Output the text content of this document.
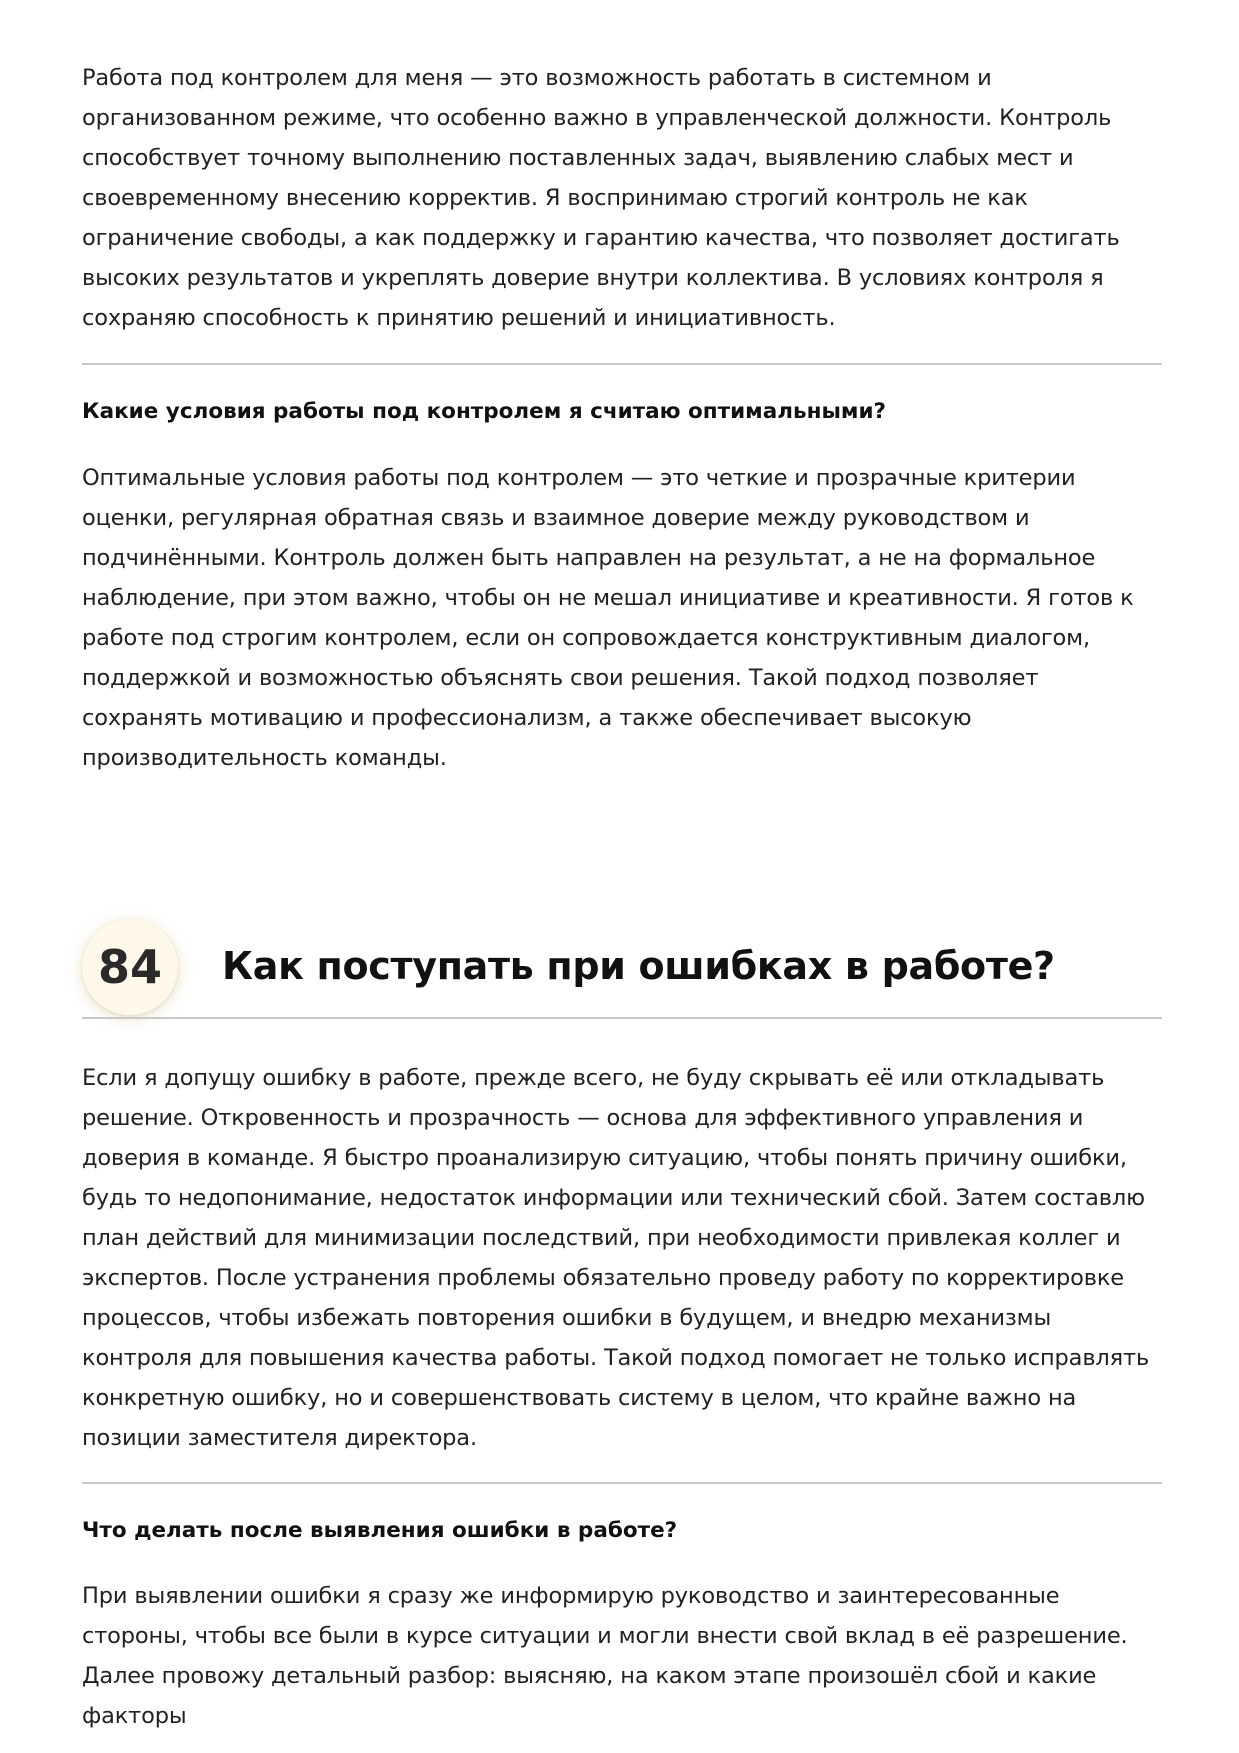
Работа под контролем для меня — это возможность работать в системном и организованном режиме, что особенно важно в управленческой должности. Контроль способствует точному выполнению поставленных задач, выявлению слабых мест и своевременному внесению корректив. Я воспринимаю строгий контроль не как ограничение свободы, а как поддержку и гарантию качества, что позволяет достигать высоких результатов и укреплять доверие внутри коллектива. В условиях контроля я сохраняю способность к принятию решений и инициативность.

Какие условия работы под контролем я считаю оптимальными?

Оптимальные условия работы под контролем — это четкие и прозрачные критерии оценки, регулярная обратная связь и взаимное доверие между руководством и подчинёнными. Контроль должен быть направлен на результат, а не на формальное наблюдение, при этом важно, чтобы он не мешал инициативе и креативности. Я готов к работе под строгим контролем, если он сопровождается конструктивным диалогом, поддержкой и возможностью объяснять свои решения. Такой подход позволяет сохранять мотивацию и профессионализм, а также обеспечивает высокую производительность команды.

84	Как поступать при ошибках в работе?

Если я допущу ошибку в работе, прежде всего, не буду скрывать её или откладывать решение. Откровенность и прозрачность — основа для эффективного управления и доверия в команде. Я быстро проанализирую ситуацию, чтобы понять причину ошибки, будь то недопонимание, недостаток информации или технический сбой. Затем составлю план действий для минимизации последствий, при необходимости привлекая коллег и экспертов. После устранения проблемы обязательно проведу работу по корректировке процессов, чтобы избежать повторения ошибки в будущем, и внедрю механизмы контроля для повышения качества работы. Такой подход помогает не только исправлять конкретную ошибку, но и совершенствовать систему в целом, что крайне важно на позиции заместителя директора.

Что делать после выявления ошибки в работе?

При выявлении ошибки я сразу же информирую руководство и заинтересованные стороны, чтобы все были в курсе ситуации и могли внести свой вклад в её разрешение. Далее провожу детальный разбор: выясняю, на каком этапе произошёл сбой и какие факторы
